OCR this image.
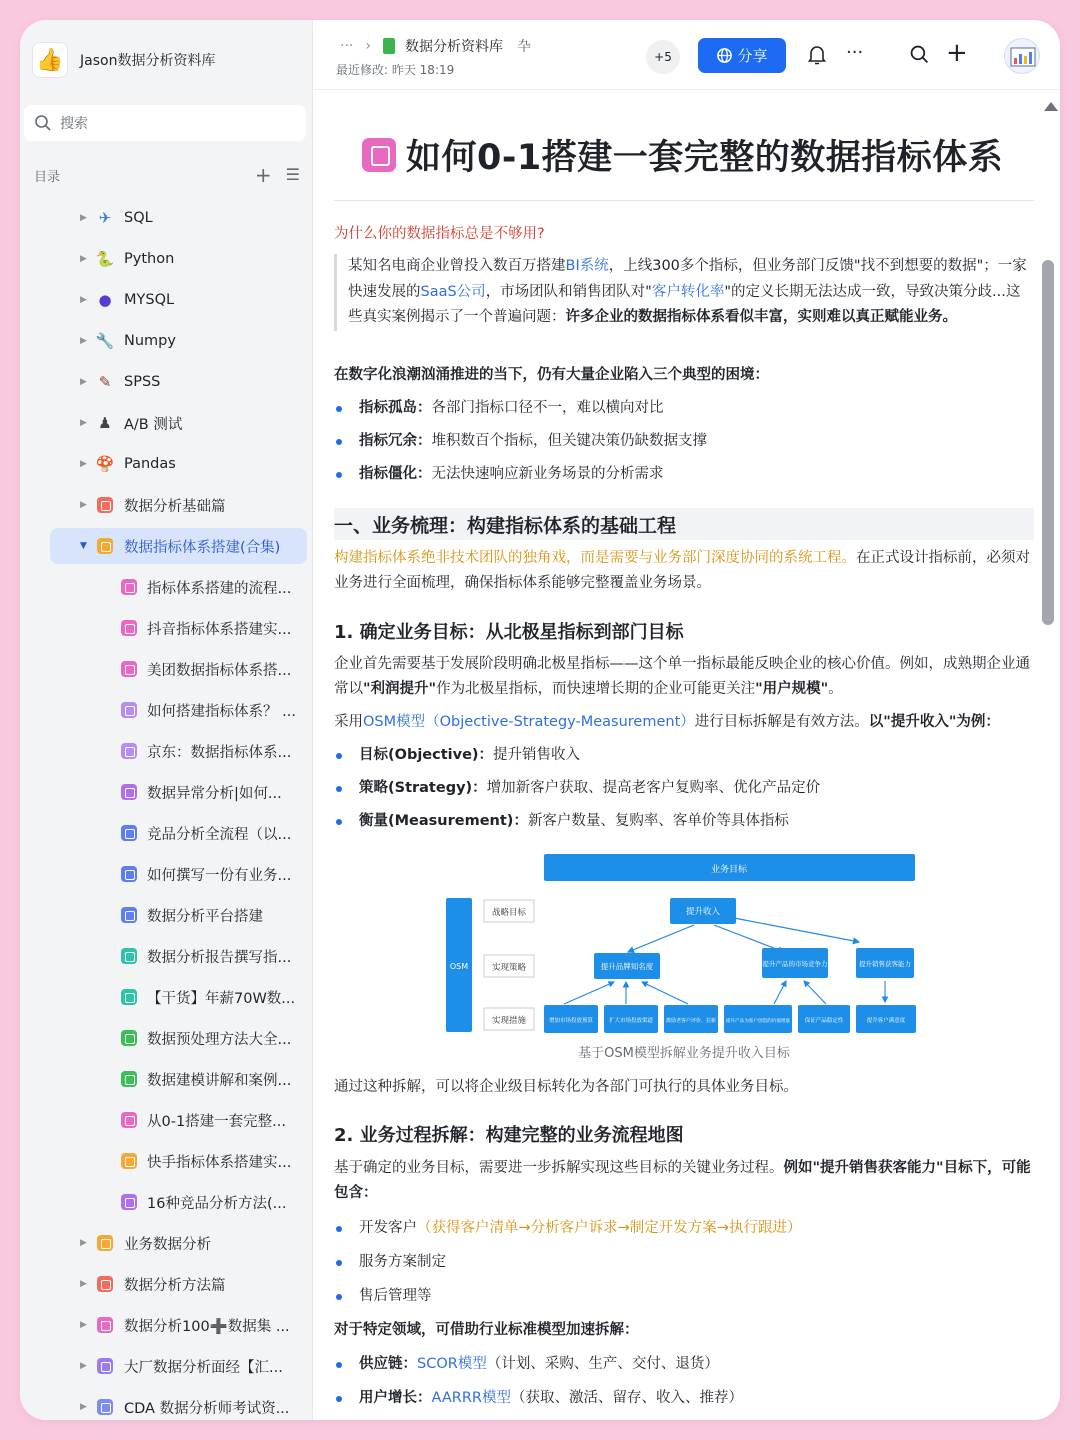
👍	Jason数据分析资料库
搜索
目录	+ ☰
▶ ✈ SQL
▶ 🐍 Python
▶ ● MYSQL
▶ 🔧 Numpy
▶ ✎ SPSS
▶ ♟ A/B 测试
▶ 🍄 Pandas
▶	数据分析基础篇
▼	数据指标体系搭建(合集)
指标体系搭建的流程...
抖音指标体系搭建实...
美团数据指标体系搭...
如何搭建指标体系？ ...
京东：数据指标体系...
数据异常分析|如何...
竞品分析全流程（以...
如何撰写一份有业务...
数据分析平台搭建
数据分析报告撰写指...
【干货】年薪70W数...
数据预处理方法大全...
数据建模讲解和案例...
从0-1搭建一套完整...
快手指标体系搭建实...
16种竞品分析方法(...
▶	业务数据分析
▶	数据分析方法篇
▶	数据分析100➕数据集 ...
▶	大厂数据分析面经【汇...
▶	CDA 数据分析师考试资...
··· › 数据分析资料库 卆
最近修改: 昨天 18:19
+5	分享	···	+
如何0-1搭建一套完整的数据指标体系
为什么你的数据指标总是不够用?
某知名电商企业曾投入数百万搭建BI系统，上线300多个指标，但业务部门反馈"找不到想要的数据"；一家快速发展的SaaS公司，市场团队和销售团队对"客户转化率"的定义长期无法达成一致，导致决策分歧...这些真实案例揭示了一个普遍问题：许多企业的数据指标体系看似丰富，实则难以真正赋能业务。
在数字化浪潮汹涌推进的当下，仍有大量企业陷入三个典型的困境：
指标孤岛： 各部门指标口径不一，难以横向对比
指标冗余： 堆积数百个指标，但关键决策仍缺数据支撑
指标僵化： 无法快速响应新业务场景的分析需求
一、业务梳理：构建指标体系的基础工程
构建指标体系绝非技术团队的独角戏，而是需要与业务部门深度协同的系统工程。在正式设计指标前，必须对业务进行全面梳理，确保指标体系能够完整覆盖业务场景。
1. 确定业务目标：从北极星指标到部门目标
企业首先需要基于发展阶段明确北极星指标——这个单一指标最能反映企业的核心价值。例如，成熟期企业通常以"利润提升"作为北极星指标，而快速增长期的企业可能更关注"用户规模"。
采用OSM模型（Objective-Strategy-Measurement）进行目标拆解是有效方法。以"提升收入"为例：
目标(Objective)： 提升销售收入
策略(Strategy)： 增加新客户获取、提高老客户复购率、优化产品定价
衡量(Measurement)： 新客户数量、复购率、客单价等具体指标
业务目标
OSM
战略目标
实现策略
实现措施
提升收入
提升品牌知名度	提升产品的市场竞争力	提升销售获客能力
增加市场投放预算	扩大市场投放渠道	激励老客户评价、拉新 提升产品为客户创造的价值增量	保证产品稳定性	提升客户满意度
基于OSM模型拆解业务提升收入目标
通过这种拆解，可以将企业级目标转化为各部门可执行的具体业务目标。
2. 业务过程拆解：构建完整的业务流程地图
基于确定的业务目标，需要进一步拆解实现这些目标的关键业务过程。例如"提升销售获客能力"目标下，可能包含：
开发客户 （获得客户清单→分析客户诉求→制定开发方案→执行跟进）
服务方案制定
售后管理等
对于特定领域，可借助行业标准模型加速拆解：
供应链： SCOR模型 （计划、采购、生产、交付、退货）
用户增长： AARRR模型 （获取、激活、留存、收入、推荐）
